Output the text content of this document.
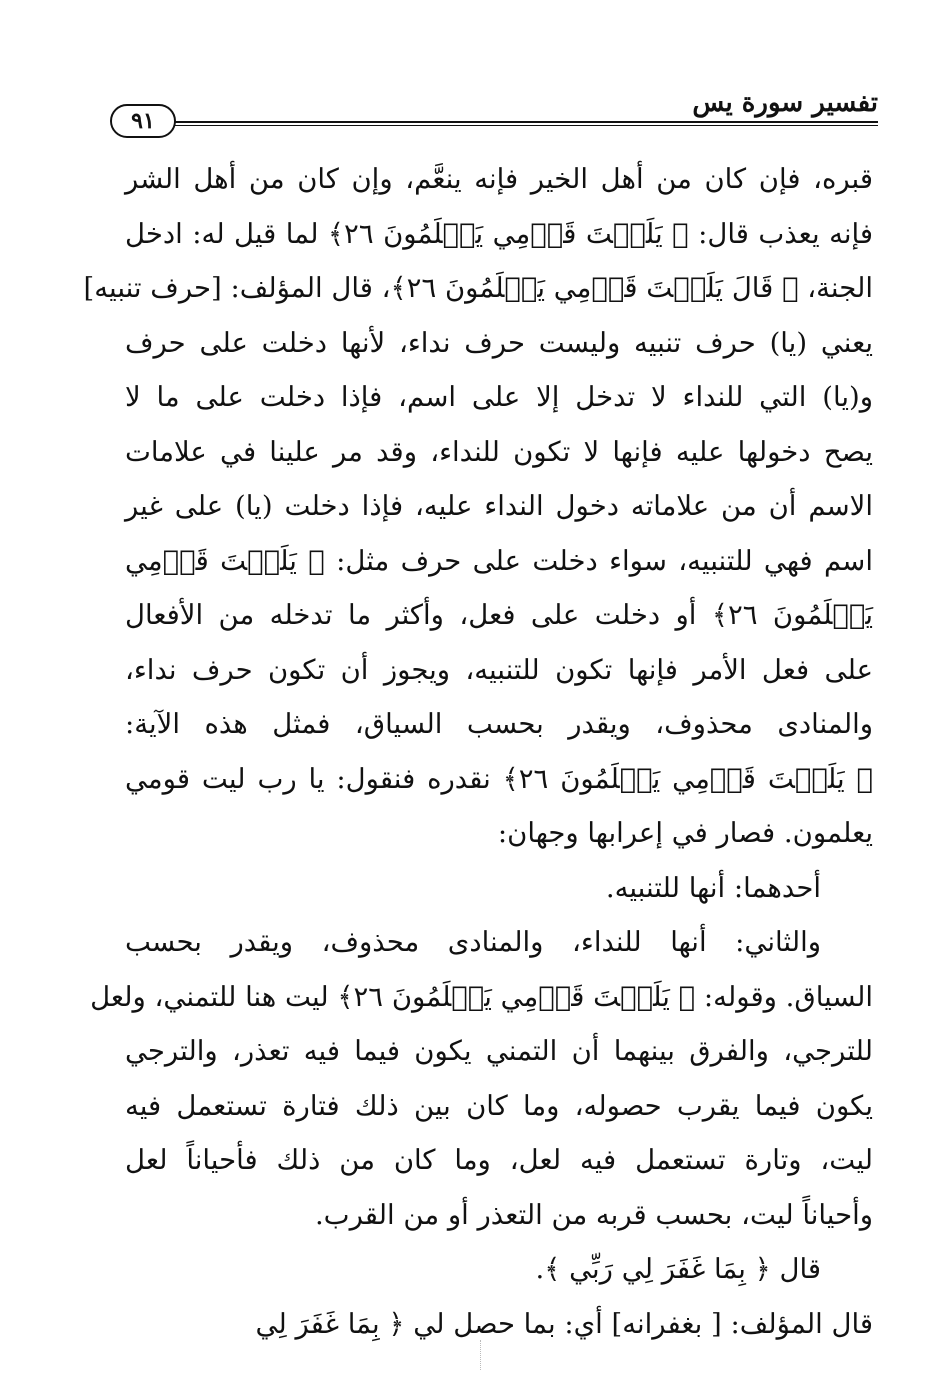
تفسير سورة يس
٩١
قبره، فإن كان من أهل الخير فإنه ينعَّم، وإن كان من أهل الشر
فإنه يعذب قال: ﴿ يَلَيۡتَ قَوۡمِي يَعۡلَمُونَ ٢٦﴾ لما قيل له: ادخل
الجنة، ﴿ قَالَ يَلَيۡتَ قَوۡمِي يَعۡلَمُونَ ٢٦﴾، قال المؤلف: [حرف تنبيه]
يعني (يا) حرف تنبيه وليست حرف نداء، لأنها دخلت على حرف
و(يا) التي للنداء لا تدخل إلا على اسم، فإذا دخلت على ما لا
يصح دخولها عليه فإنها لا تكون للنداء، وقد مر علينا في علامات
الاسم أن من علاماته دخول النداء عليه، فإذا دخلت (يا) على غير
اسم فهي للتنبيه، سواء دخلت على حرف مثل: ﴿ يَلَيۡتَ قَوۡمِي
يَعۡلَمُونَ ٢٦﴾ أو دخلت على فعل، وأكثر ما تدخله من الأفعال
على فعل الأمر فإنها تكون للتنبيه، ويجوز أن تكون حرف نداء،
والمنادى محذوف، ويقدر بحسب السياق، فمثل هذه الآية:
﴿ يَلَيۡتَ قَوۡمِي يَعۡلَمُونَ ٢٦﴾ نقدره فنقول: يا رب ليت قومي
يعلمون. فصار في إعرابها وجهان:
أحدهما: أنها للتنبيه.
والثاني: أنها للنداء، والمنادى محذوف، ويقدر بحسب
السياق. وقوله: ﴿ يَلَيۡتَ قَوۡمِي يَعۡلَمُونَ ٢٦﴾ ليت هنا للتمني، ولعل
للترجي، والفرق بينهما أن التمني يكون فيما فيه تعذر، والترجي
يكون فيما يقرب حصوله، وما كان بين ذلك فتارة تستعمل فيه
ليت، وتارة تستعمل فيه لعل، وما كان من ذلك فأحياناً لعل
وأحياناً ليت، بحسب قربه من التعذر أو من القرب.
قال ﴿ بِمَا غَفَرَ لِي رَبِّي ﴾.
قال المؤلف: [ بغفرانه] أي: بما حصل لي ﴿ بِمَا غَفَرَ لِي
